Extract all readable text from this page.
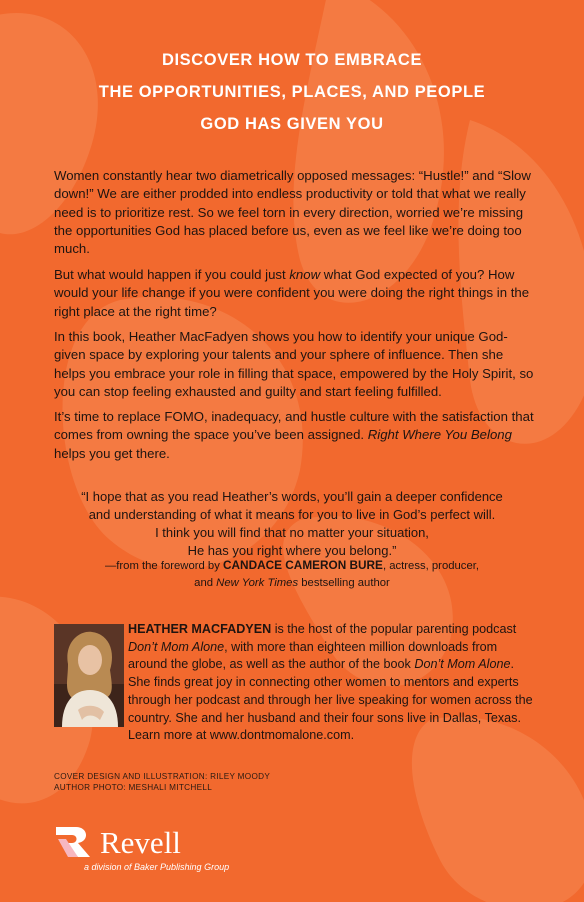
DISCOVER HOW TO EMBRACE
THE OPPORTUNITIES, PLACES, AND PEOPLE
GOD HAS GIVEN YOU
Women constantly hear two diametrically opposed messages: “Hustle!” and “Slow down!” We are either prodded into endless productivity or told that what we really need is to prioritize rest. So we feel torn in every direction, worried we’re missing the opportunities God has placed before us, even as we feel like we’re doing too much.
But what would happen if you could just know what God expected of you? How would your life change if you were confident you were doing the right things in the right place at the right time?
In this book, Heather MacFadyen shows you how to identify your unique God-given space by exploring your talents and your sphere of influence. Then she helps you embrace your role in filling that space, empowered by the Holy Spirit, so you can stop feeling exhausted and guilty and start feeling fulfilled.
It’s time to replace FOMO, inadequacy, and hustle culture with the satisfaction that comes from owning the space you’ve been assigned. Right Where You Belong helps you get there.
“I hope that as you read Heather’s words, you’ll gain a deeper confidence
and understanding of what it means for you to live in God’s perfect will.
I think you will find that no matter your situation,
He has you right where you belong.”
—from the foreword by CANDACE CAMERON BURE, actress, producer,
and New York Times bestselling author
HEATHER MACFADYEN is the host of the popular parenting podcast Don’t Mom Alone, with more than eighteen million downloads from around the globe, as well as the author of the book Don’t Mom Alone. She finds great joy in connecting other women to mentors and experts through her podcast and through her live speaking for women across the country. She and her husband and their four sons live in Dallas, Texas. Learn more at www.dontmomalone.com.
COVER DESIGN AND ILLUSTRATION: RILEY MOODY
AUTHOR PHOTO: MESHALI MITCHELL
Revell
a division of Baker Publishing Group
